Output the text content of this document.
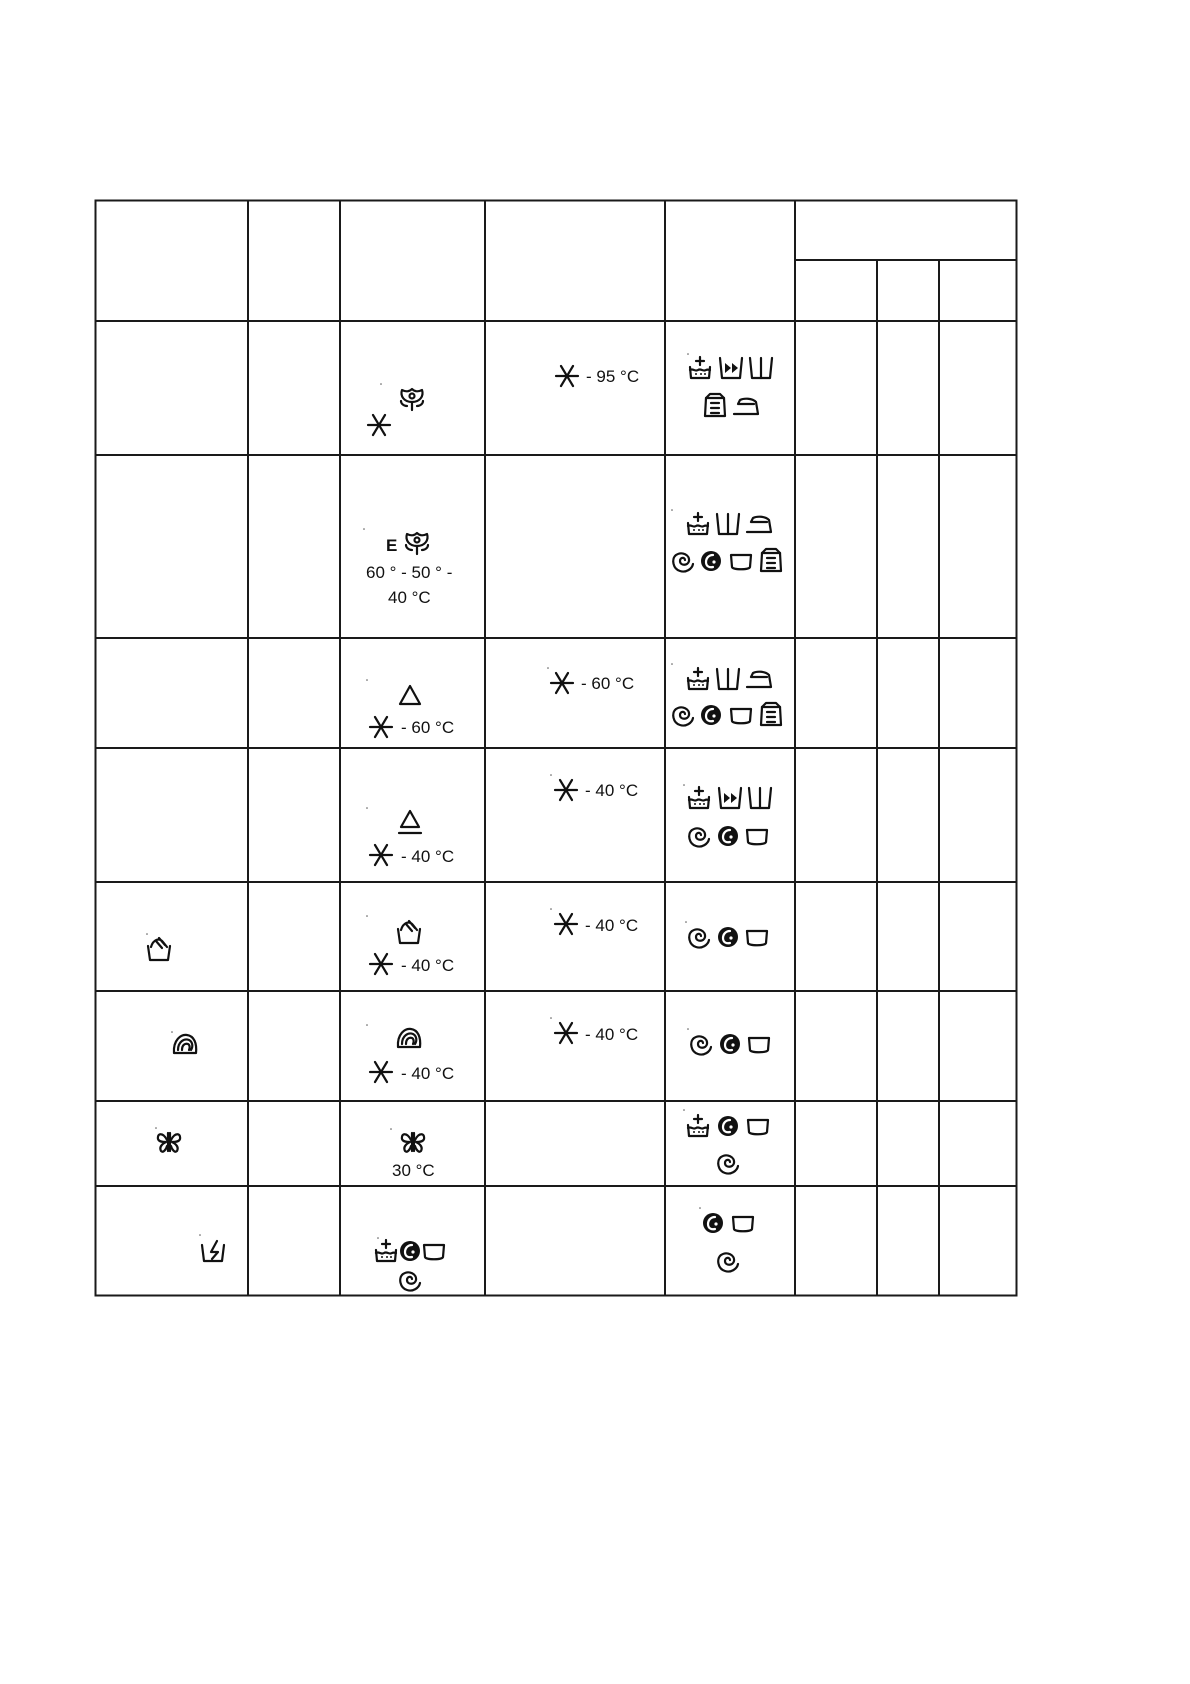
- 95 °C
E
60 ° - 50 ° -
40 °C
- 60 °C
- 60 °C
- 40 °C
- 40 °C
- 40 °C
- 40 °C
- 40 °C
- 40 °C
30 °C
